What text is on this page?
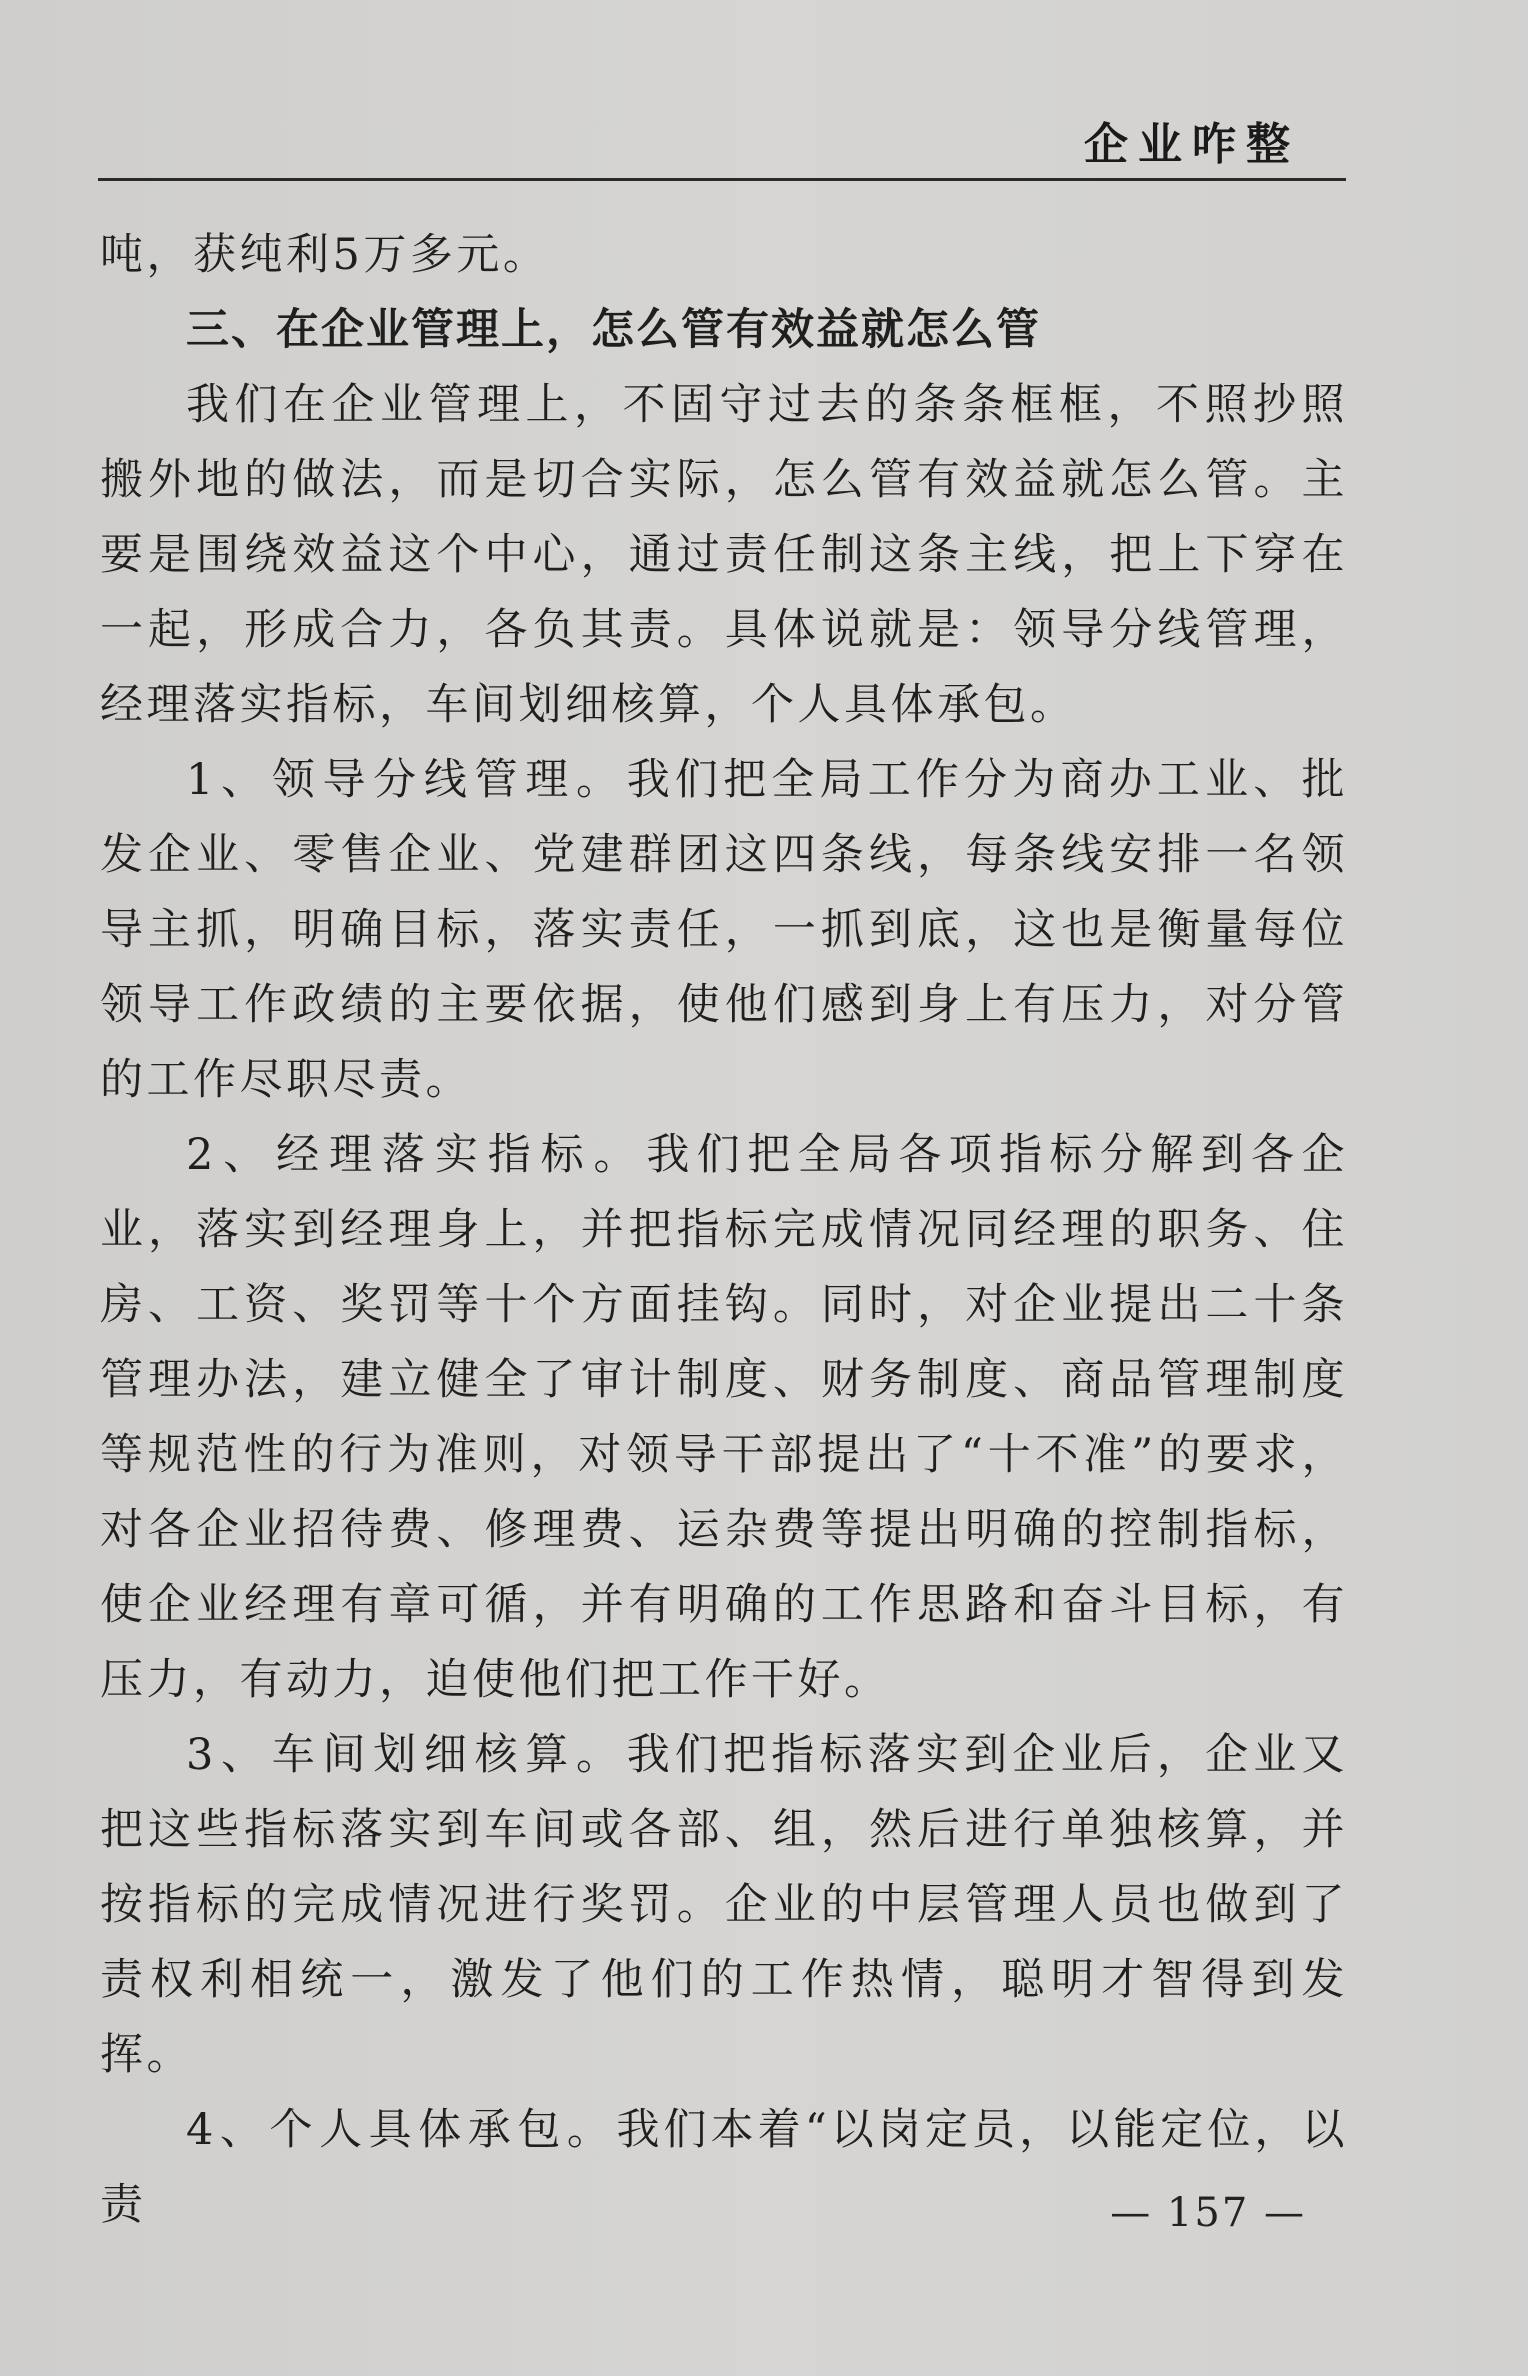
企业咋整

吨，获纯利5万多元。

三、在企业管理上，怎么管有效益就怎么管

我们在企业管理上，不固守过去的条条框框，不照抄照搬外地的做法，而是切合实际，怎么管有效益就怎么管。主要是围绕效益这个中心，通过责任制这条主线，把上下穿在一起，形成合力，各负其责。具体说就是：领导分线管理，经理落实指标，车间划细核算，个人具体承包。

1、领导分线管理。我们把全局工作分为商办工业、批发企业、零售企业、党建群团这四条线，每条线安排一名领导主抓，明确目标，落实责任，一抓到底，这也是衡量每位领导工作政绩的主要依据，使他们感到身上有压力，对分管的工作尽职尽责。

2、经理落实指标。我们把全局各项指标分解到各企业，落实到经理身上，并把指标完成情况同经理的职务、住房、工资、奖罚等十个方面挂钩。同时，对企业提出二十条管理办法，建立健全了审计制度、财务制度、商品管理制度等规范性的行为准则，对领导干部提出了“十不准”的要求，对各企业招待费、修理费、运杂费等提出明确的控制指标，使企业经理有章可循，并有明确的工作思路和奋斗目标，有压力，有动力，迫使他们把工作干好。

3、车间划细核算。我们把指标落实到企业后，企业又把这些指标落实到车间或各部、组，然后进行单独核算，并按指标的完成情况进行奖罚。企业的中层管理人员也做到了责权利相统一，激发了他们的工作热情，聪明才智得到发挥。

4、个人具体承包。我们本着“以岗定员，以能定位，以责	— 157 —
